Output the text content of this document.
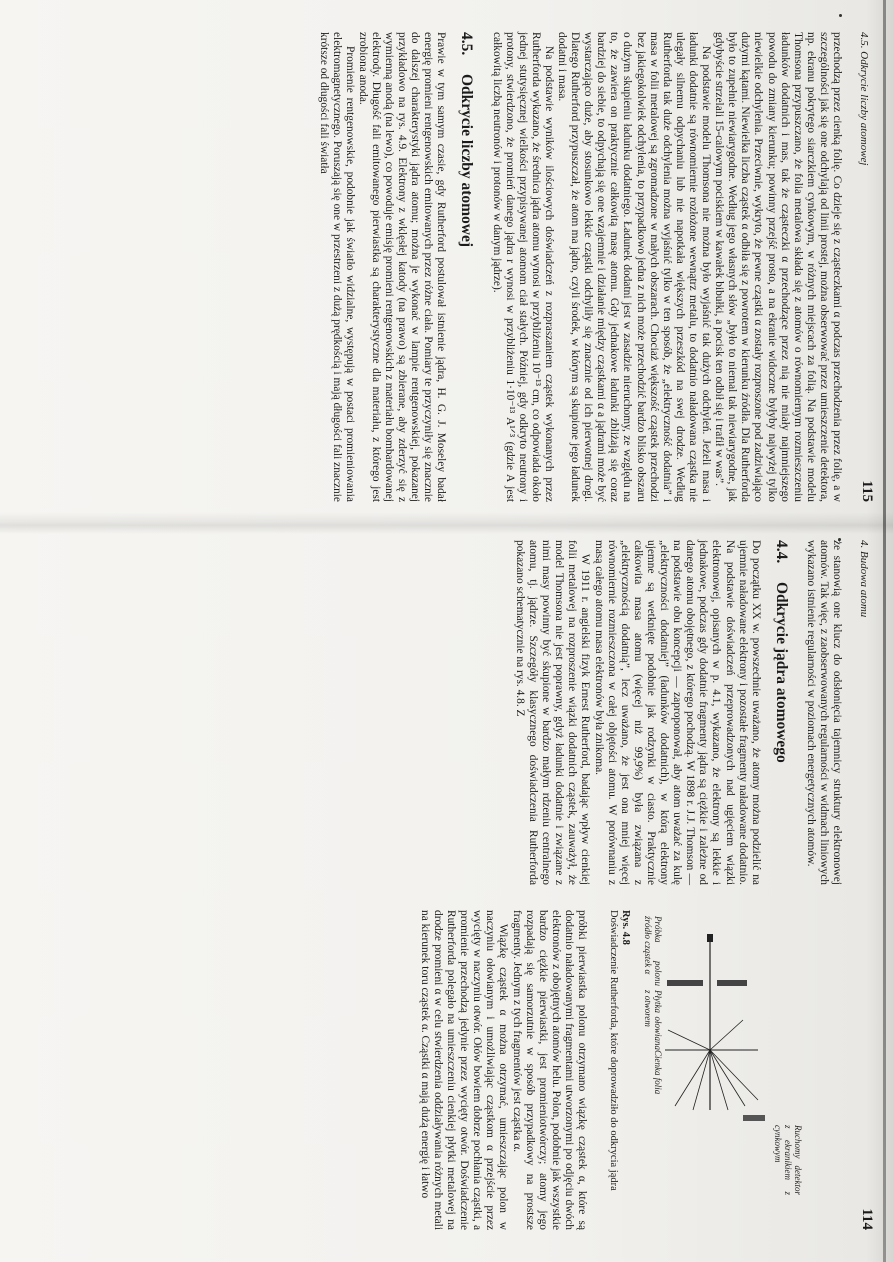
4. Budowa atomu
114

że stanowią one klucz do odsłonięcia tajemnicy struktury elektronowej atomów. Tak więc, z zaobserwowanych regularności w widmach liniowych wykazano istnienie regularności w poziomach energetycznych atomów.

4.4.Odkrycie jądra atomowego

Do początku XX w. powszechnie uważano, że atomy można podzielić na ujemnie naładowane elektrony i pozostałe fragmenty naładowane dodatnio. Na podstawie doświadczeń przeprowadzonych nad ugięciem wiązki elektronowej, opisanych w p. 4.1, wykazano, że elektrony są lekkie i jednakowe, podczas gdy dodatnie fragmenty jądra są ciężkie i zależne od danego atomu obojętnego, z którego pochodzą. W 1898 r. J.J. Thomson — na podstawie obu koncepcji — zaproponował, aby atom uważać za kulę „elektryczności dodatniej” (ładunków dodatnich), w którą elektrony ujemne są wetknięte podobnie jak rodzynki w ciasto. Praktycznie całkowita masa atomu (więcej niż 99,9%) była związana z „elektrycznością dodatnią”, lecz uważano, że jest ona mniej więcej równomiernie rozmieszczona w całej objętości atomu. W porównaniu z masą całego atomu masa elektronów była znikoma.

W 1911 r. angielski fizyk Ernest Rutherford, badając wpływ cienkiej folii metalowej na rozproszenie wiązki dodatnich cząstek, zauważył, że model Thomsona nie jest poprawny, gdyż ładunki dodatnie i związane z nimi masy powinny być skupione w bardzo małym rdzeniu centralnego atomu, tj. jądrze. Szczegóły klasycznego doświadczenia Rutherforda pokazano schematycznie na rys. 4.8. Z

Próbka polonu źródło cząstek α
Płytka ołowiana z otworem
Cienka folia
Ruchomy detektor z ekranikiem z cynkowym
Rys. 4.8
Doświadczenie Rutherforda, które doprowadziło do odkrycia jądra

próbki pierwiastka polonu otrzymano wiązkę cząstek α, które są dodatnio naładowanymi fragmentami utworzonymi po odjęciu dwóch elektronów z obojętnych atomów helu. Polon, podobnie jak wszystkie bardzo ciężkie pierwiastki, jest promieniotwórczy; atomy jego rozpadają się samorzutnie w sposób przypadkowy na prostsze fragmenty. Jednym z tych fragmentów jest cząstka α.

Wiązkę cząstek α można otrzymać, umieszczając polon w naczyniu ołowianym i umożliwiając cząstkom α przejście przez wycięty w naczyniu otwór. Ołów bowiem dobrze pochłania cząstki, a promienie przechodzą jedynie przez wycięty otwór. Doświadczenie Rutherforda polegało na umieszczeniu cienkiej płytki metalowej na drodze promieni α w celu stwierdzenia oddziaływania różnych metali na kierunek toru cząstek α. Cząstki α mają dużą energię i łatwo

4.5. Odkrycie liczby atomowej
115

przechodzą przez cienką folię. Co dzieje się z cząsteczkami α podczas przechodzenia przez folię, a w szczególności jak się one odchylają od linii prostej, można obserwować przez umieszczenie detektora, np. ekranu pokrytego siarczkiem cynkowym, w różnych miejscach za folią. Na podstawie modelu Thomsona przypuszczano, że folia metalowa składa się z atomów o równomiernym rozmieszczeniu ładunków dodatnich i mas, tak że cząsteczki α przechodzące przez nią nie miały najmniejszego powodu do zmiany kierunku; powinny przejść prosto, a na ekranie widoczne byłyby najwyżej tylko niewielkie odchylenia. Przeciwnie, wykryto, że pewne cząstki α zostały rozproszone pod zadziwiająco dużymi kątami. Niewielka liczba cząstek α odbiła się z powrotem w kierunku źródła. Dla Rutherforda było to zupełnie niewiarygodne. Według jego własnych słów „było to niemal tak niewiarygodne, jak gdybyście strzelali 15-calowym pociskiem w kawałek bibułki, a pocisk ten odbił się i trafił w was”.

Na podstawie modelu Thomsona nie można było wyjaśnić tak dużych odchyleń. Jeżeli masa i ładunki dodatnie są równomiernie rozłożone wewnątrz metalu, to dodatnio naładowana cząstka nie ulegały silnemu odpychaniu lub nie napotkała większych przeszkód na swej drodze. Według Rutherforda tak duże odchylenia można wyjaśnić tylko w ten sposób, że „elektryczność dodatnia” i masa w folii metalowej są zgromadzone w małych obszarach. Chociaż większość cząstek przechodzi bez jakiegokolwiek odchylenia, to przypadkowo jedna z nich może przechodzić bardzo blisko obszaru o dużym skupieniu ładunku dodatniego. Ładunek dodatni jest w zasadzie nieruchomy, ze względu na to, że zawiera on praktycznie całkowitą masę atomu. Gdy jednakowe ładunki zbliżają się coraz bardziej do siebie, to odpychają się one wzajemnie i działanie między cząstkami α a jądrami może być wystarczająco duże, aby stosunkowo lekkie cząstki odchyliły się znacznie od ich pierwotnej drogi. Dlatego Rutherford przypuszczał, że atom ma jądro, czyli środek, w którym są skupione jego ładunek dodatni i masa.

Na podstawie wyników ilościowych doświadczeń z rozpraszaniem cząstek wykonanych przez Rutherforda wykazano, że średnica jądra atomu wynosi w przybliżeniu 10⁻¹³ cm, co odpowiada około jednej stutysięcznej wielkości przypisywanej atomom ciał stałych. Później, gdy odkryto neutrony i protony, stwierdzono, że promień danego jądra r wynosi w przybliżeniu 1·10⁻¹³ A¹ᐟ³ (gdzie A jest całkowitą liczbą neutronów i protonów w danym jądrze).

4.5.Odkrycie liczby atomowej

Prawie w tym samym czasie, gdy Rutherford postulował istnienie jądra, H. G. J. Moseley badał energię promieni rentgenowskich emitowanych przez różne ciała. Pomiary te przyczyniły się znacznie do dalszej charakterystyki jądra atomu; można je wykonać w lampie rentgenowskiej, pokazanej przykładowo na rys. 4.9. Elektrony z wklęsłej katody (na prawo) są zbierane, aby zderzyć się z wymienną anodą (na lewo), co powoduje emisję promieni rentgenowskich z materiału bombardowanej elektrody. Długość fali emitowanego pierwiastka są charakterystyczne dla materiału, z którego jest zrobiona anoda.

Promienie rentgenowskie, podobnie jak światło widzialne, występują w postaci promieniowania elektromagnetycznego. Poruszają się one w przestrzeni z dużą prędkością i mają długości fali znacznie krótsze od długości fali światła
